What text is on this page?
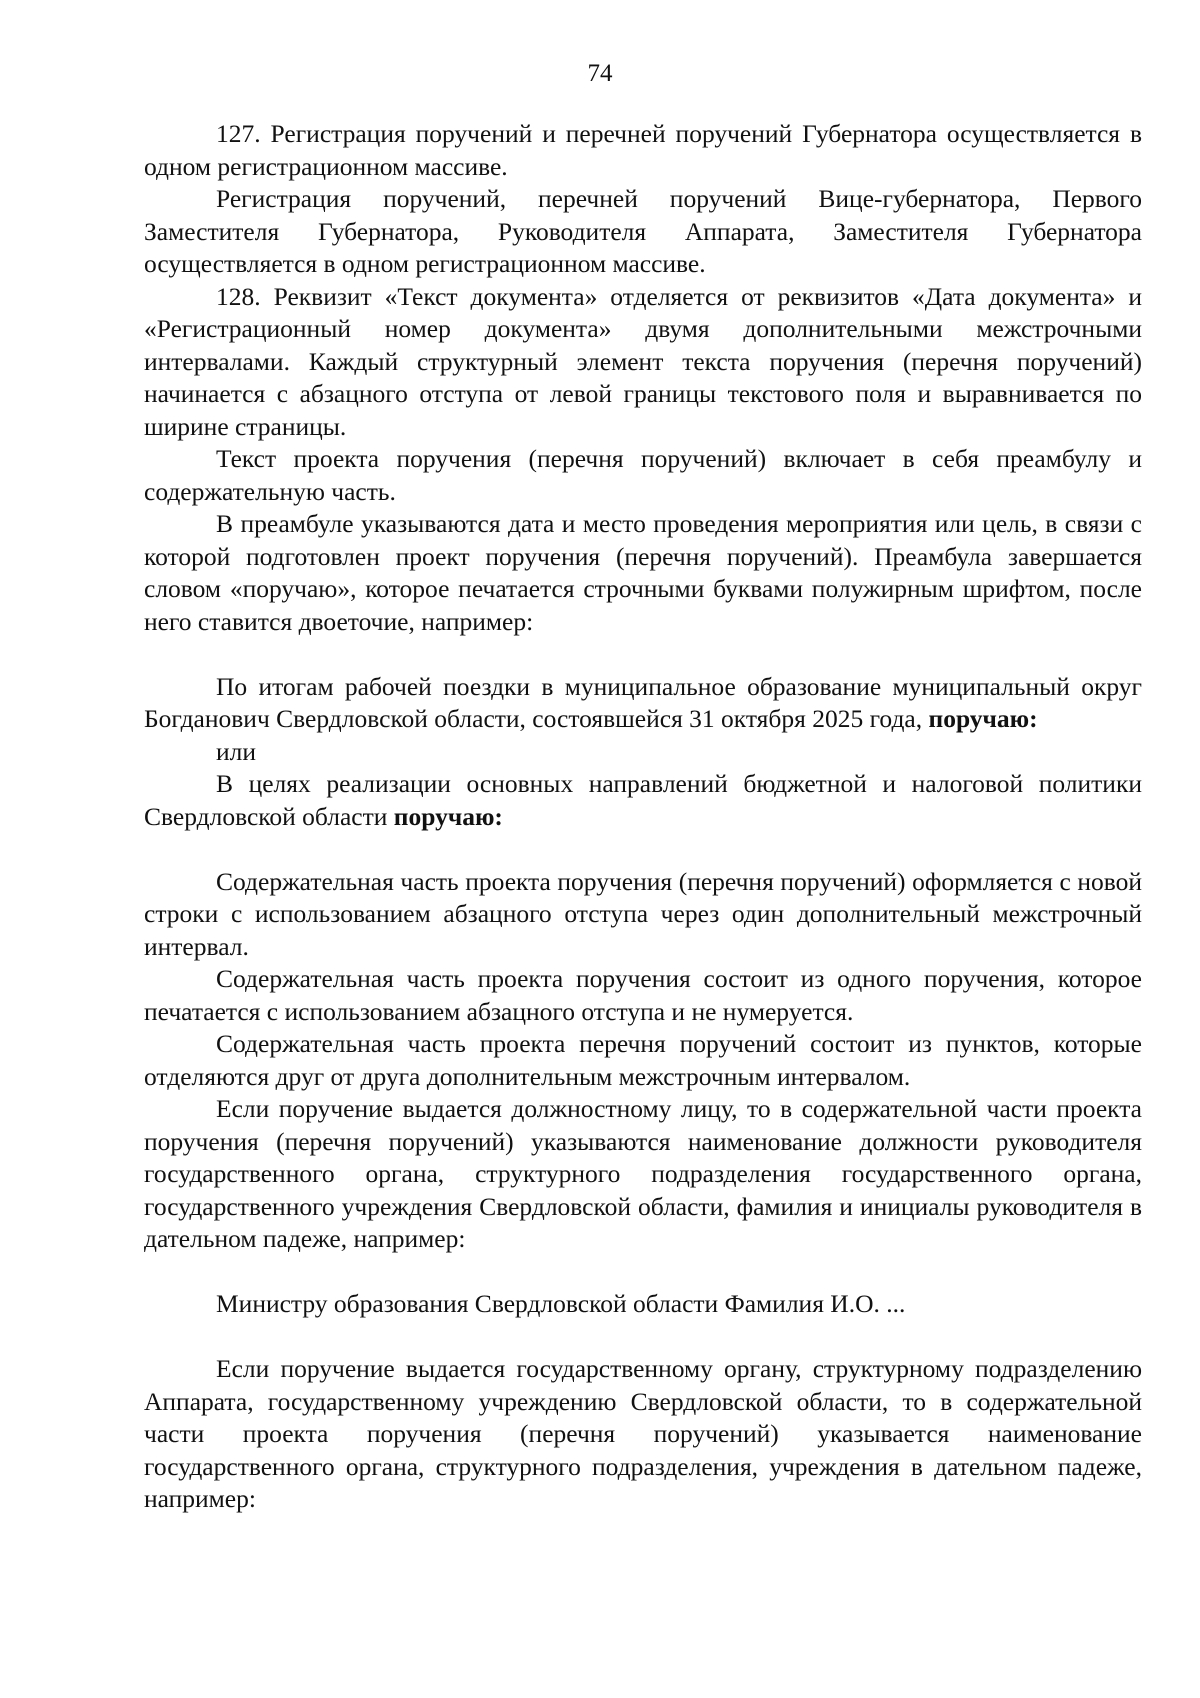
74

127. Регистрация поручений и перечней поручений Губернатора осуществляется в одном регистрационном массиве.

Регистрация поручений, перечней поручений Вице-губернатора, Первого Заместителя Губернатора, Руководителя Аппарата, Заместителя Губернатора осуществляется в одном регистрационном массиве.

128. Реквизит «Текст документа» отделяется от реквизитов «Дата документа» и «Регистрационный номер документа» двумя дополнительными межстрочными интервалами. Каждый структурный элемент текста поручения (перечня поручений) начинается с абзацного отступа от левой границы текстового поля и выравнивается по ширине страницы.

Текст проекта поручения (перечня поручений) включает в себя преамбулу и содержательную часть.

В преамбуле указываются дата и место проведения мероприятия или цель, в связи с которой подготовлен проект поручения (перечня поручений). Преамбула завершается словом «поручаю», которое печатается строчными буквами полужирным шрифтом, после него ставится двоеточие, например:

По итогам рабочей поездки в муниципальное образование муниципальный округ Богданович Свердловской области, состоявшейся 31 октября 2025 года, поручаю:

или

В целях реализации основных направлений бюджетной и налоговой политики Свердловской области поручаю:

Содержательная часть проекта поручения (перечня поручений) оформляется с новой строки с использованием абзацного отступа через один дополнительный межстрочный интервал.

Содержательная часть проекта поручения состоит из одного поручения, которое печатается с использованием абзацного отступа и не нумеруется.

Содержательная часть проекта перечня поручений состоит из пунктов, которые отделяются друг от друга дополнительным межстрочным интервалом.

Если поручение выдается должностному лицу, то в содержательной части проекта поручения (перечня поручений) указываются наименование должности руководителя государственного органа, структурного подразделения государственного органа, государственного учреждения Свердловской области, фамилия и инициалы руководителя в дательном падеже, например:

Министру образования Свердловской области Фамилия И.О. ...

Если поручение выдается государственному органу, структурному подразделению Аппарата, государственному учреждению Свердловской области, то в содержательной части проекта поручения (перечня поручений) указывается наименование государственного органа, структурного подразделения, учреждения в дательном падеже, например:
